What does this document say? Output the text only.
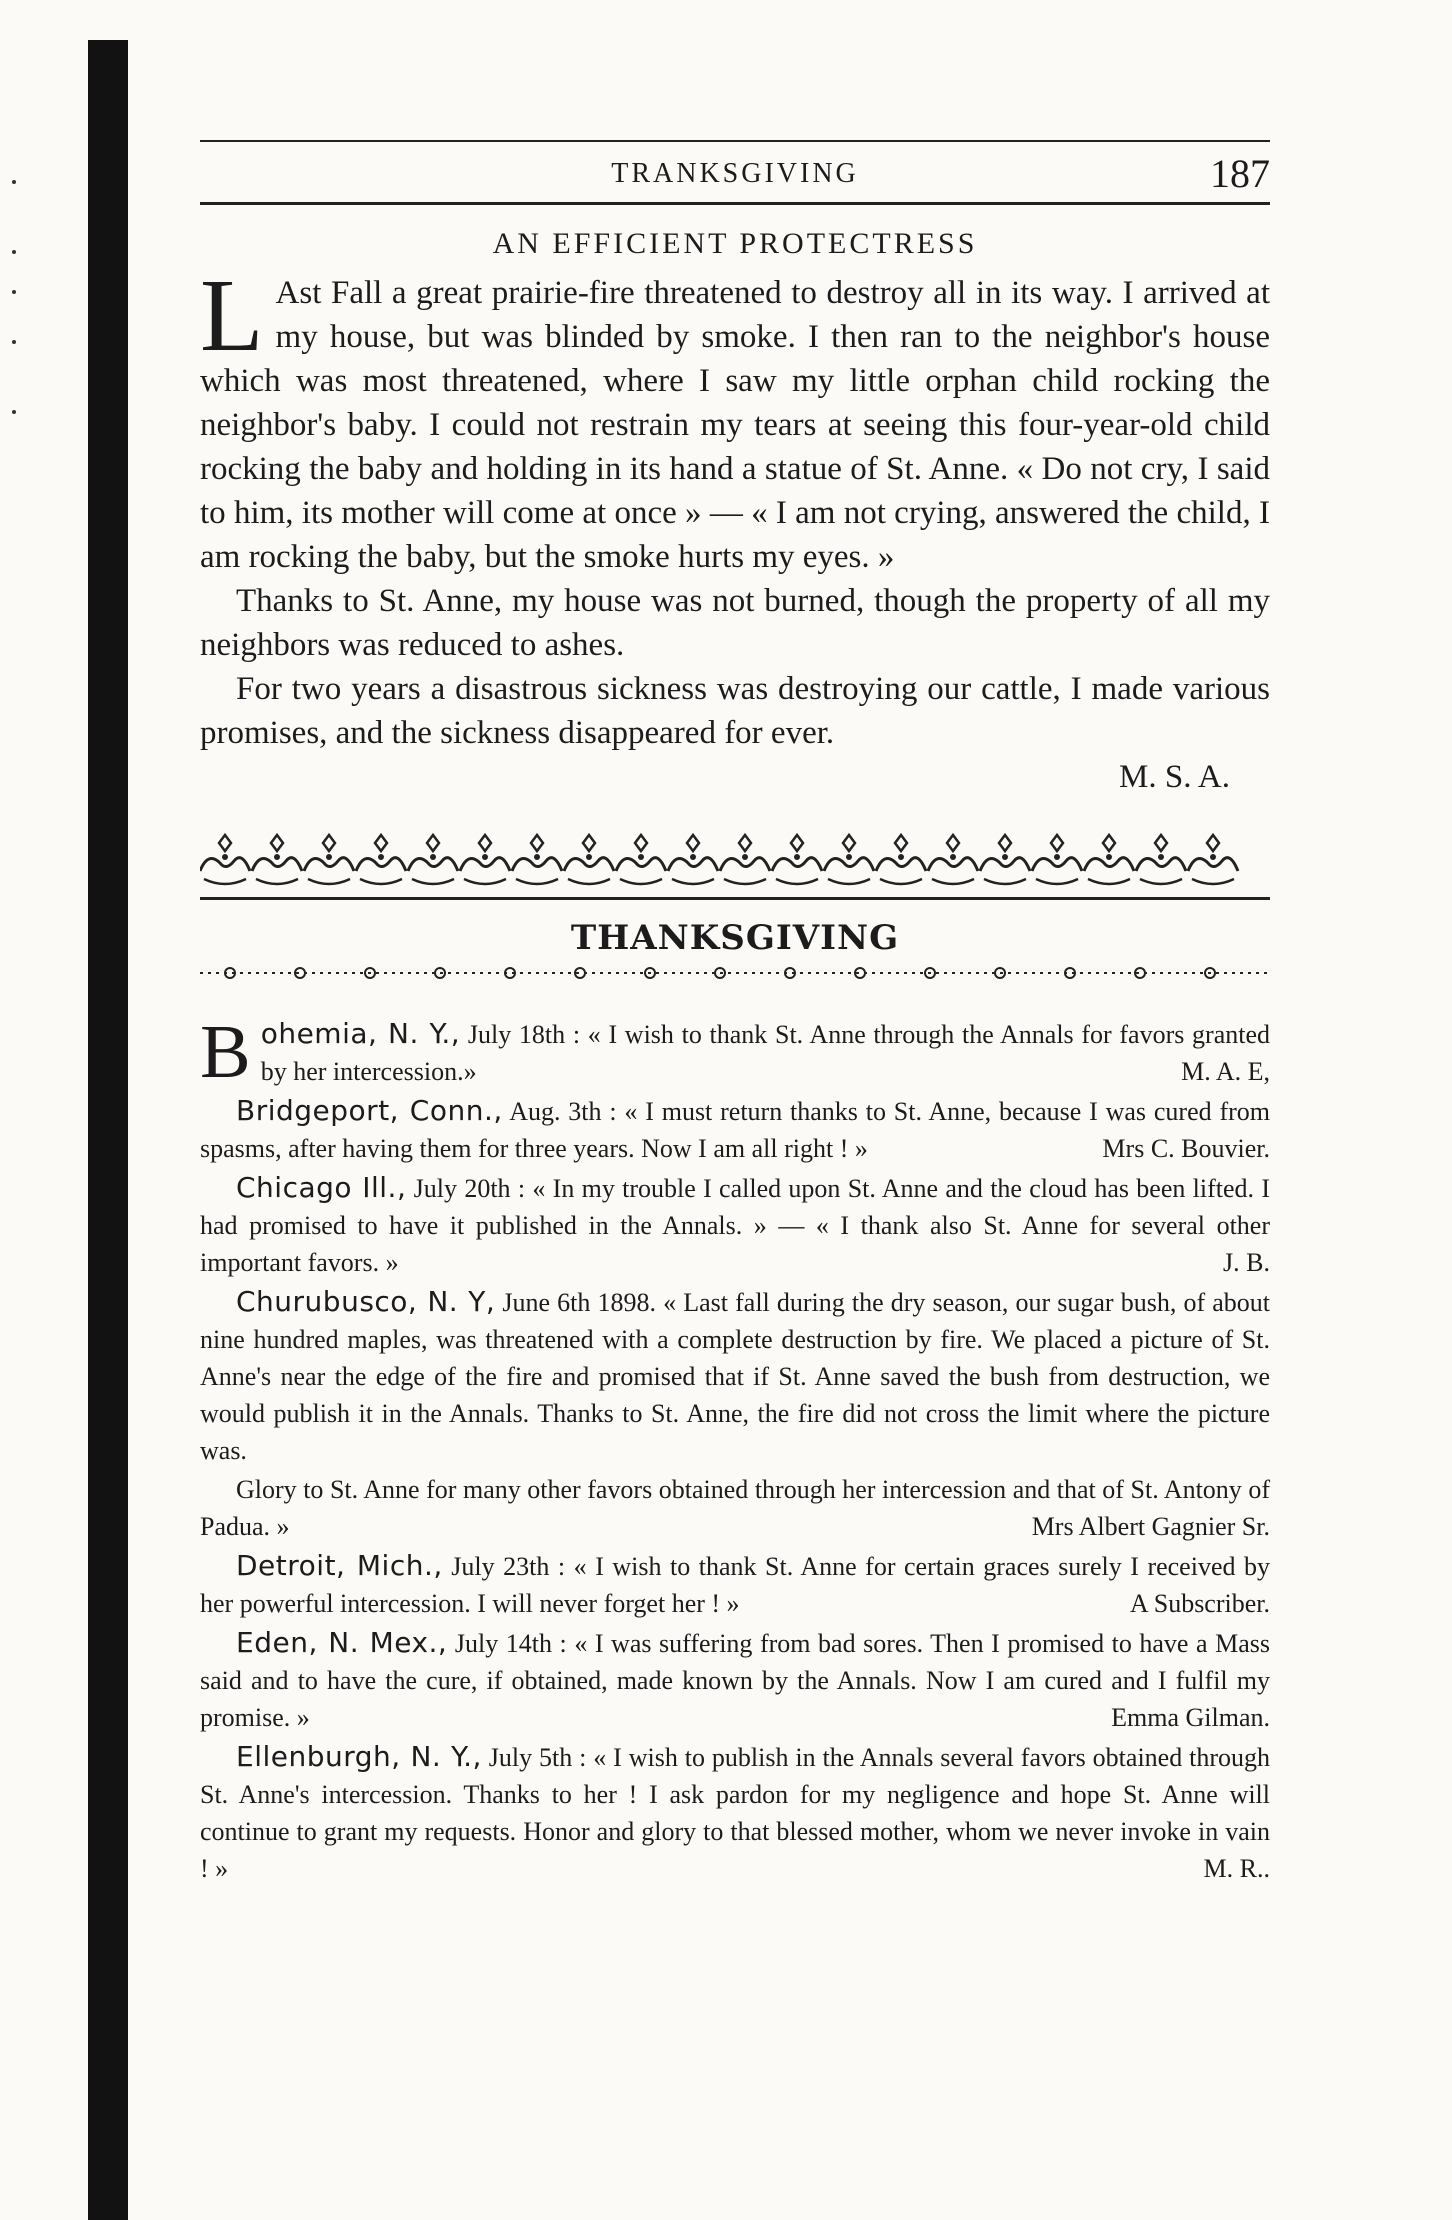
TRANKSGIVING	187
AN EFFICIENT PROTECTRESS

L Ast Fall a great prairie-fire threatened to destroy all in its way. I arrived at my house, but was blinded by smoke. I then ran to the neighbor's house which was most threatened, where I saw my little orphan child rocking the neighbor's baby. I could not restrain my tears at seeing this four-year-old child rocking the baby and holding in its hand a statue of St. Anne. « Do not cry, I said to him, its mother will come at once » — « I am not crying, answered the child, I am rocking the baby, but the smoke hurts my eyes. »

Thanks to St. Anne, my house was not burned, though the property of all my neighbors was reduced to ashes.

For two years a disastrous sickness was destroying our cattle, I made various promises, and the sickness disappeared for ever.

M. S. A.
THANKSGIVING
B ohemia, N. Y., July 18th : « I wish to thank St. Anne through the Annals for favors granted by her intercession.»	M. A. E,
Bridgeport, Conn., Aug. 3th : « I must return thanks to St. Anne, because I was cured from spasms, after having them for three years. Now I am all right ! »	Mrs C. Bouvier.
Chicago Ill., July 20th : « In my trouble I called upon St. Anne and the cloud has been lifted. I had promised to have it published in the Annals. » — « I thank also St. Anne for several other important favors. »	J. B.
Churubusco, N. Y, June 6th 1898. « Last fall during the dry season, our sugar bush, of about nine hundred maples, was threatened with a complete destruction by fire. We placed a picture of St. Anne's near the edge of the fire and promised that if St. Anne saved the bush from destruction, we would publish it in the Annals. Thanks to St. Anne, the fire did not cross the limit where the picture was.
Glory to St. Anne for many other favors obtained through her intercession and that of St. Antony of Padua. »	Mrs Albert Gagnier Sr.
Detroit, Mich., July 23th : « I wish to thank St. Anne for certain graces surely I received by her powerful intercession. I will never forget her ! »	A Subscriber.
Eden, N. Mex., July 14th : « I was suffering from bad sores. Then I promised to have a Mass said and to have the cure, if obtained, made known by the Annals. Now I am cured and I fulfil my promise. »	Emma Gilman.
Ellenburgh, N. Y., July 5th : « I wish to publish in the Annals several favors obtained through St. Anne's intercession. Thanks to her ! I ask pardon for my negligence and hope St. Anne will continue to grant my requests. Honor and glory to that blessed mother, whom we never invoke in vain ! »	M. R..
